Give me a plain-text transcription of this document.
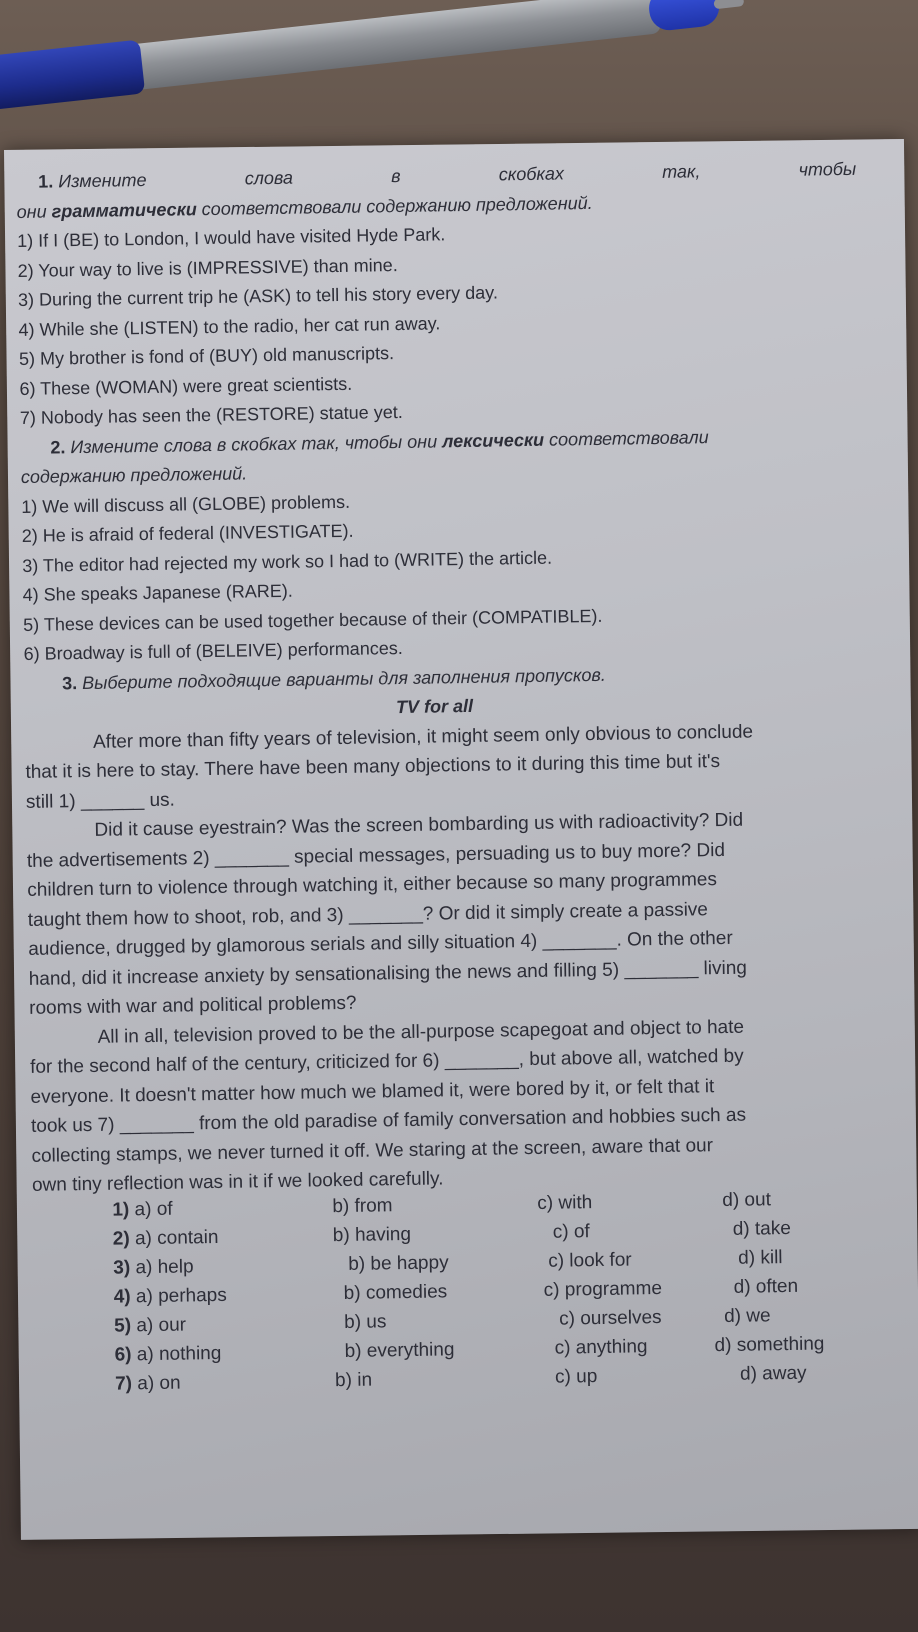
1. Измените	слова	в	скобках	так,	чтобы
они грамматически соответствовали содержанию предложений.
1) If I (BE) to London, I would have visited Hyde Park.
2) Your way to live is (IMPRESSIVE) than mine.
3) During the current trip he (ASK) to tell his story every day.
4) While she (LISTEN) to the radio, her cat run away.
5) My brother is fond of (BUY) old manuscripts.
6) These (WOMAN) were great scientists.
7) Nobody has seen the (RESTORE) statue yet.
2. Измените слова в скобках так, чтобы они лексически соответствовали
содержанию предложений.
1) We will discuss all (GLOBE) problems.
2) He is afraid of federal (INVESTIGATE).
3) The editor had rejected my work so I had to (WRITE) the article.
4) She speaks Japanese (RARE).
5) These devices can be used together because of their (COMPATIBLE).
6) Broadway is full of (BELEIVE) performances.
3. Выберите подходящие варианты для заполнения пропусков.
TV for all
After more than fifty years of television, it might seem only obvious to conclude
that it is here to stay. There have been many objections to it during this time but it's
still 1) ______ us.
Did it cause eyestrain? Was the screen bombarding us with radioactivity? Did
the advertisements 2) _______ special messages, persuading us to buy more? Did
children turn to violence through watching it, either because so many programmes
taught them how to shoot, rob, and 3) _______? Or did it simply create a passive
audience, drugged by glamorous serials and silly situation 4) _______. On the other
hand, did it increase anxiety by sensationalising the news and filling 5) _______ living
rooms with war and political problems?
All in all, television proved to be the all-purpose scapegoat and object to hate
for the second half of the century, criticized for 6) _______, but above all, watched by
everyone. It doesn't matter how much we blamed it, were bored by it, or felt that it
took us 7) _______ from the old paradise of family conversation and hobbies such as
collecting stamps, we never turned it off. We staring at the screen, aware that our
own tiny reflection was in it if we looked carefully.
1) a) of	b) from	c) with	d) out
2) a) contain	b) having	c) of	d) take
3) a) help	b) be happy	c) look for	d) kill
4) a) perhaps	b) comedies	c) programme	d) often
5) a) our	b) us	c) ourselves	d) we
6) a) nothing	b) everything	c) anything	d) something
7) a) on	b) in	c) up	d) away
